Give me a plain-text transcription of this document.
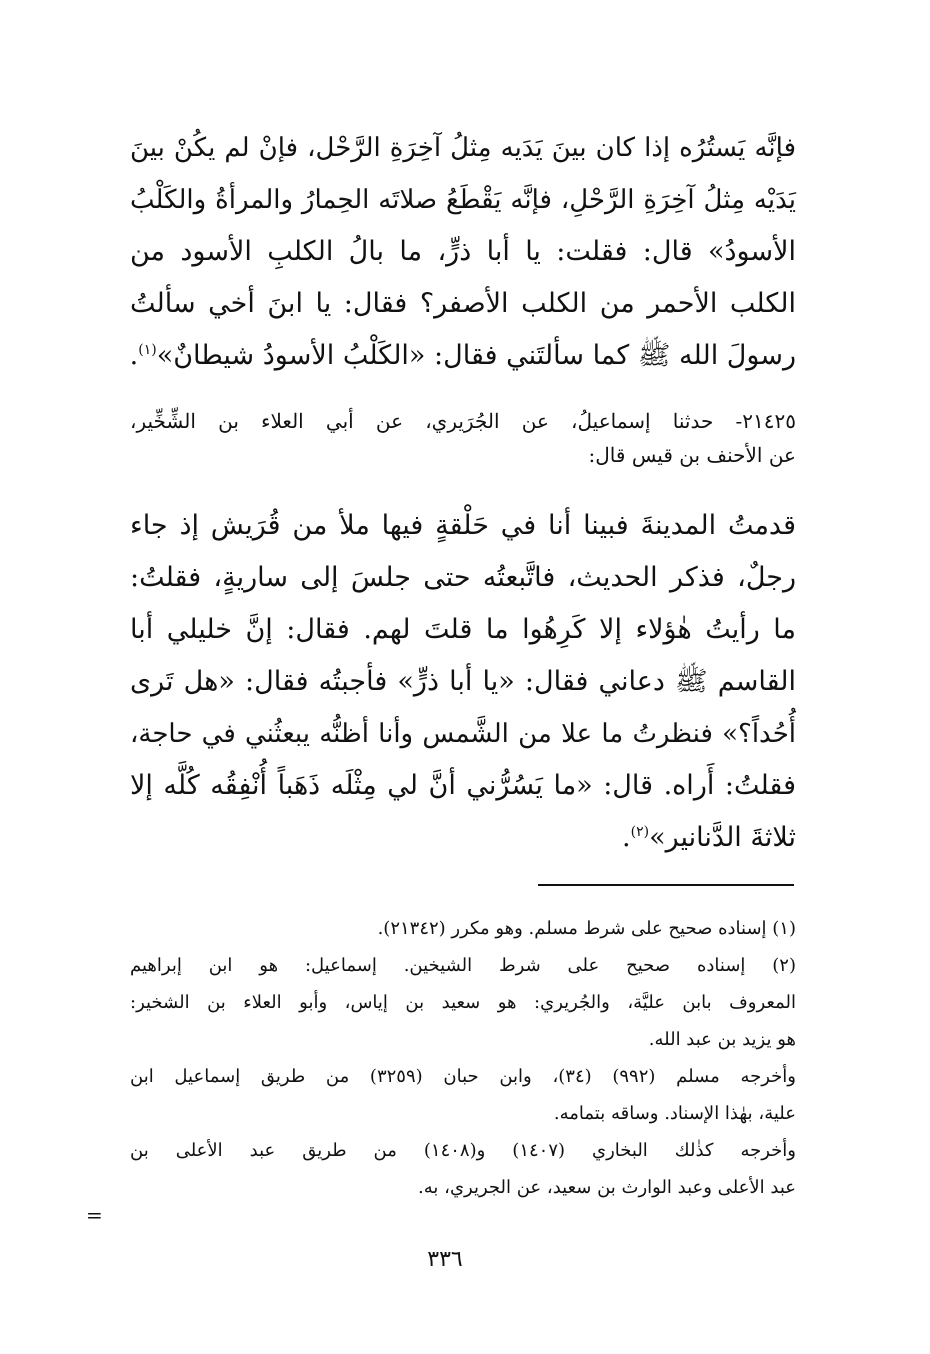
فإنَّه يَستُرُه إذا كان بينَ يَدَيه مِثلُ آخِرَةِ الرَّحْل، فإنْ لم يكُنْ بينَ
يَدَيْه مِثلُ آخِرَةِ الرَّحْلِ، فإنَّه يَقْطَعُ صلاتَه الحِمارُ والمرأةُ والكَلْبُ
الأسودُ» قال: فقلت: يا أبا ذرٍّ، ما بالُ الكلبِ الأسود من
الكلب الأحمر من الكلب الأصفر؟ فقال: يا ابنَ أخي سألتُ
رسولَ الله ﷺ كما سألتَني فقال: «الكَلْبُ الأسودُ شيطانٌ»$^{(١)}$.
٢١٤٢٥- حدثنا إسماعيلُ، عن الجُرَيري، عن أبي العلاء بن الشِّخِّير،
عن الأحنف بن قيس قال:
قدمتُ المدينةَ فبينا أنا في حَلْقةٍ فيها ملأ من قُرَيش إذ جاء
رجلٌ، فذكر الحديث، فاتَّبعتُه حتى جلسَ إلى ساريةٍ، فقلتُ:
ما رأيتُ هٰؤلاء إلا كَرِهُوا ما قلتَ لهم. فقال: إنَّ خليلي أبا
القاسم ﷺ دعاني فقال: «يا أبا ذرٍّ» فأجبتُه فقال: «هل تَرى
أُحُداً؟» فنظرتُ ما علا من الشَّمس وأنا أظنُّه يبعثُني في حاجة،
فقلتُ: أَراه. قال: «ما يَسُرُّني أنَّ لي مِثْلَه ذَهَباً أُنْفِقُه كُلَّه إلا
ثلاثةَ الدَّنانير»$^{(٢)}$.
(١) إسناده صحيح على شرط مسلم. وهو مكرر (٢١٣٤٢).
(٢) إسناده صحيح على شرط الشيخين. إسماعيل: هو ابن إبراهيم
المعروف بابن عليَّة، والجُريري: هو سعيد بن إياس، وأبو العلاء بن الشخير:
هو يزيد بن عبد الله.
وأخرجه مسلم (٩٩٢) (٣٤)، وابن حبان (٣٢٥٩) من طريق إسماعيل ابن
علية، بهٰذا الإسناد. وساقه بتمامه.
وأخرجه كذٰلك البخاري (١٤٠٧) و(١٤٠٨) من طريق عبد الأعلى بن
عبد الأعلى وعبد الوارث بن سعيد، عن الجريري، به.
=
٣٣٦
